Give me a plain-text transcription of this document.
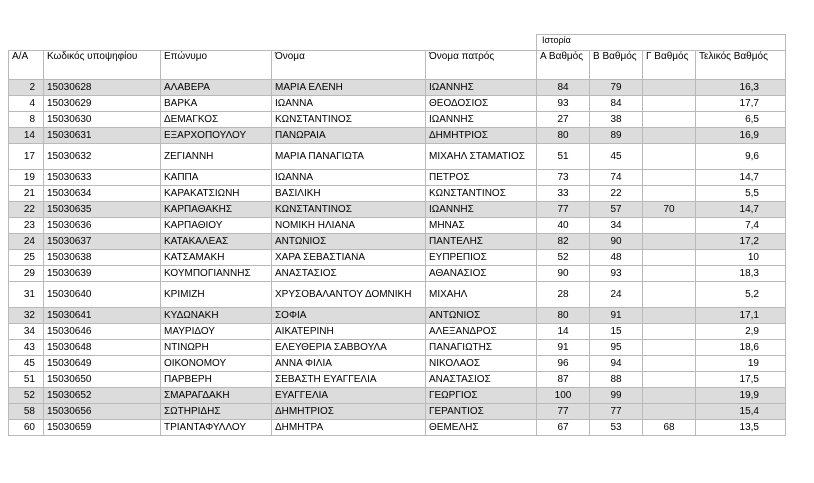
					Ιστορία			
Α/Α	Κωδικός υποψηφίου	Επώνυμο	Όνομα	Όνομα πατρός	Α Βαθμός	Β Βαθμός	Γ Βαθμός	Τελικός Βαθμός
2	15030628	ΑΛΑΒΕΡΑ	ΜΑΡΙΑ ΕΛΕΝΗ	ΙΩΑΝΝΗΣ	84	79		16,3
4	15030629	ΒΑΡΚΑ	ΙΩΑΝΝΑ	ΘΕΟΔΟΣΙΟΣ	93	84		17,7
8	15030630	ΔΕΜΑΓΚΟΣ	ΚΩΝΣΤΑΝΤΙΝΟΣ	ΙΩΑΝΝΗΣ	27	38		6,5
14	15030631	ΕΞΑΡΧΟΠΟΥΛΟΥ	ΠΑΝΩΡΑΙΑ	ΔΗΜΗΤΡΙΟΣ	80	89		16,9
17	15030632	ΖΕΓΙΑΝΝΗ	ΜΑΡΙΑ ΠΑΝΑΓΙΩΤΑ	ΜΙΧΑΗΛ ΣΤΑΜΑΤΙΟΣ	51	45		9,6
19	15030633	ΚΑΠΠΑ	ΙΩΑΝΝΑ	ΠΕΤΡΟΣ	73	74		14,7
21	15030634	ΚΑΡΑΚΑΤΣΙΩΝΗ	ΒΑΣΙΛΙΚΗ	ΚΩΝΣΤΑΝΤΙΝΟΣ	33	22		5,5
22	15030635	ΚΑΡΠΑΘΑΚΗΣ	ΚΩΝΣΤΑΝΤΙΝΟΣ	ΙΩΑΝΝΗΣ	77	57	70	14,7
23	15030636	ΚΑΡΠΑΘΙΟΥ	ΝΟΜΙΚΗ ΗΛΙΑΝΑ	ΜΗΝΑΣ	40	34		7,4
24	15030637	ΚΑΤΑΚΑΛΕΑΣ	ΑΝΤΩΝΙΟΣ	ΠΑΝΤΕΛΗΣ	82	90		17,2
25	15030638	ΚΑΤΣΑΜΑΚΗ	ΧΑΡΑ ΣΕΒΑΣΤΙΑΝΑ	ΕΥΠΡΕΠΙΟΣ	52	48		10
29	15030639	ΚΟΥΜΠΟΓΙΑΝΝΗΣ	ΑΝΑΣΤΑΣΙΟΣ	ΑΘΑΝΑΣΙΟΣ	90	93		18,3
31	15030640	ΚΡΙΜΙΖΗ	ΧΡΥΣΟΒΑΛΑΝΤΟΥ ΔΟΜΝΙΚΗ	ΜΙΧΑΗΛ	28	24		5,2
32	15030641	ΚΥΔΩΝΑΚΗ	ΣΟΦΙΑ	ΑΝΤΩΝΙΟΣ	80	91		17,1
34	15030646	ΜΑΥΡΙΔΟΥ	ΑΙΚΑΤΕΡΙΝΗ	ΑΛΕΞΑΝΔΡΟΣ	14	15		2,9
43	15030648	ΝΤΙΝΩΡΗ	ΕΛΕΥΘΕΡΙΑ ΣΑΒΒΟΥΛΑ	ΠΑΝΑΓΙΩΤΗΣ	91	95		18,6
45	15030649	ΟΙΚΟΝΟΜΟΥ	ΑΝΝΑ ΦΙΛΙΑ	ΝΙΚΟΛΑΟΣ	96	94		19
51	15030650	ΠΑΡΒΕΡΗ	ΣΕΒΑΣΤΗ ΕΥΑΓΓΕΛΙΑ	ΑΝΑΣΤΑΣΙΟΣ	87	88		17,5
52	15030652	ΣΜΑΡΑΓΔΑΚΗ	ΕΥΑΓΓΕΛΙΑ	ΓΕΩΡΓΙΟΣ	100	99		19,9
58	15030656	ΣΩΤΗΡΙΔΗΣ	ΔΗΜΗΤΡΙΟΣ	ΓΕΡΑΝΤΙΟΣ	77	77		15,4
60	15030659	ΤΡΙΑΝΤΑΦΥΛΛΟΥ	ΔΗΜΗΤΡΑ	ΘΕΜΕΛΗΣ	67	53	68	13,5
